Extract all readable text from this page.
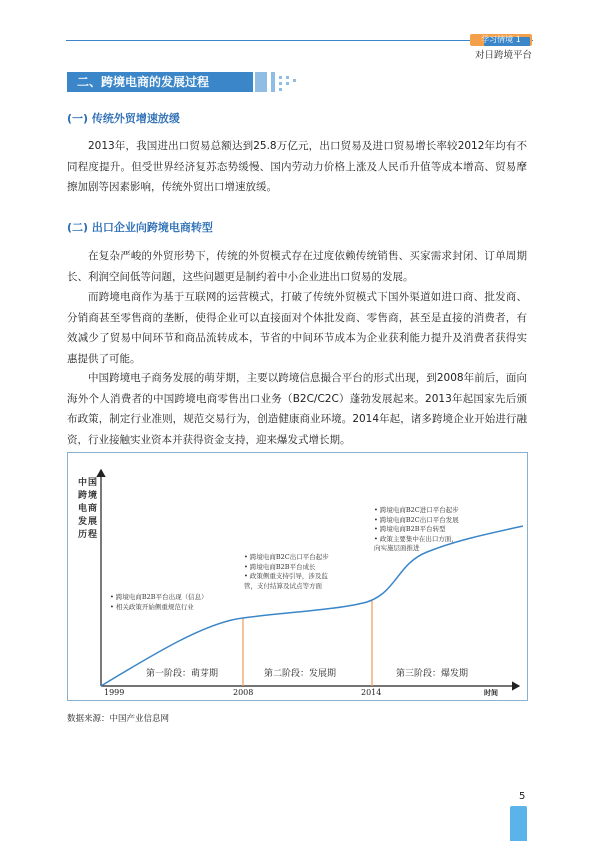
学习情境 1
对日跨境平台
二、跨境电商的发展过程
(一) 传统外贸增速放缓

2013年，我国进出口贸易总额达到25.8万亿元，出口贸易及进口贸易增长率较2012年均有不同程度提升。但受世界经济复苏态势缓慢、国内劳动力价格上涨及人民币升值等成本增高、贸易摩擦加剧等因素影响，传统外贸出口增速放缓。

(二) 出口企业向跨境电商转型

在复杂严峻的外贸形势下，传统的外贸模式存在过度依赖传统销售、买家需求封闭、订单周期长、利润空间低等问题，这些问题更是制约着中小企业进出口贸易的发展。

而跨境电商作为基于互联网的运营模式，打破了传统外贸模式下国外渠道如进口商、批发商、分销商甚至零售商的垄断，使得企业可以直接面对个体批发商、零售商，甚至是直接的消费者，有效减少了贸易中间环节和商品流转成本，节省的中间环节成本为企业获利能力提升及消费者获得实惠提供了可能。

中国跨境电子商务发展的萌芽期，主要以跨境信息撮合平台的形式出现，到2008年前后，面向海外个人消费者的中国跨境电商零售出口业务（B2C/C2C）蓬勃发展起来。2013年起国家先后颁布政策，制定行业准则，规范交易行为，创造健康商业环境。2014年起，诸多跨境企业开始进行融资，行业接触实业资本并获得资金支持，迎来爆发式增长期。

中国
跨境
电商
发展
历程
• 跨境电商B2B平台出现（信息）
• 相关政策开始侧重规范行业
• 跨境电商B2C出口平台起步
• 跨境电商B2B平台成长
• 政策侧重支持引导，涉及监
管，支付结算及试点等方面
• 跨境电商B2C进口平台起步
• 跨境电商B2C出口平台发展
• 跨境电商B2B平台转型
• 政策主要集中在出口方面，
向实施层面推进
第一阶段：萌芽期	第二阶段：发展期	第三阶段：爆发期
1999	2008	2014	时间
数据来源：中国产业信息网
5
